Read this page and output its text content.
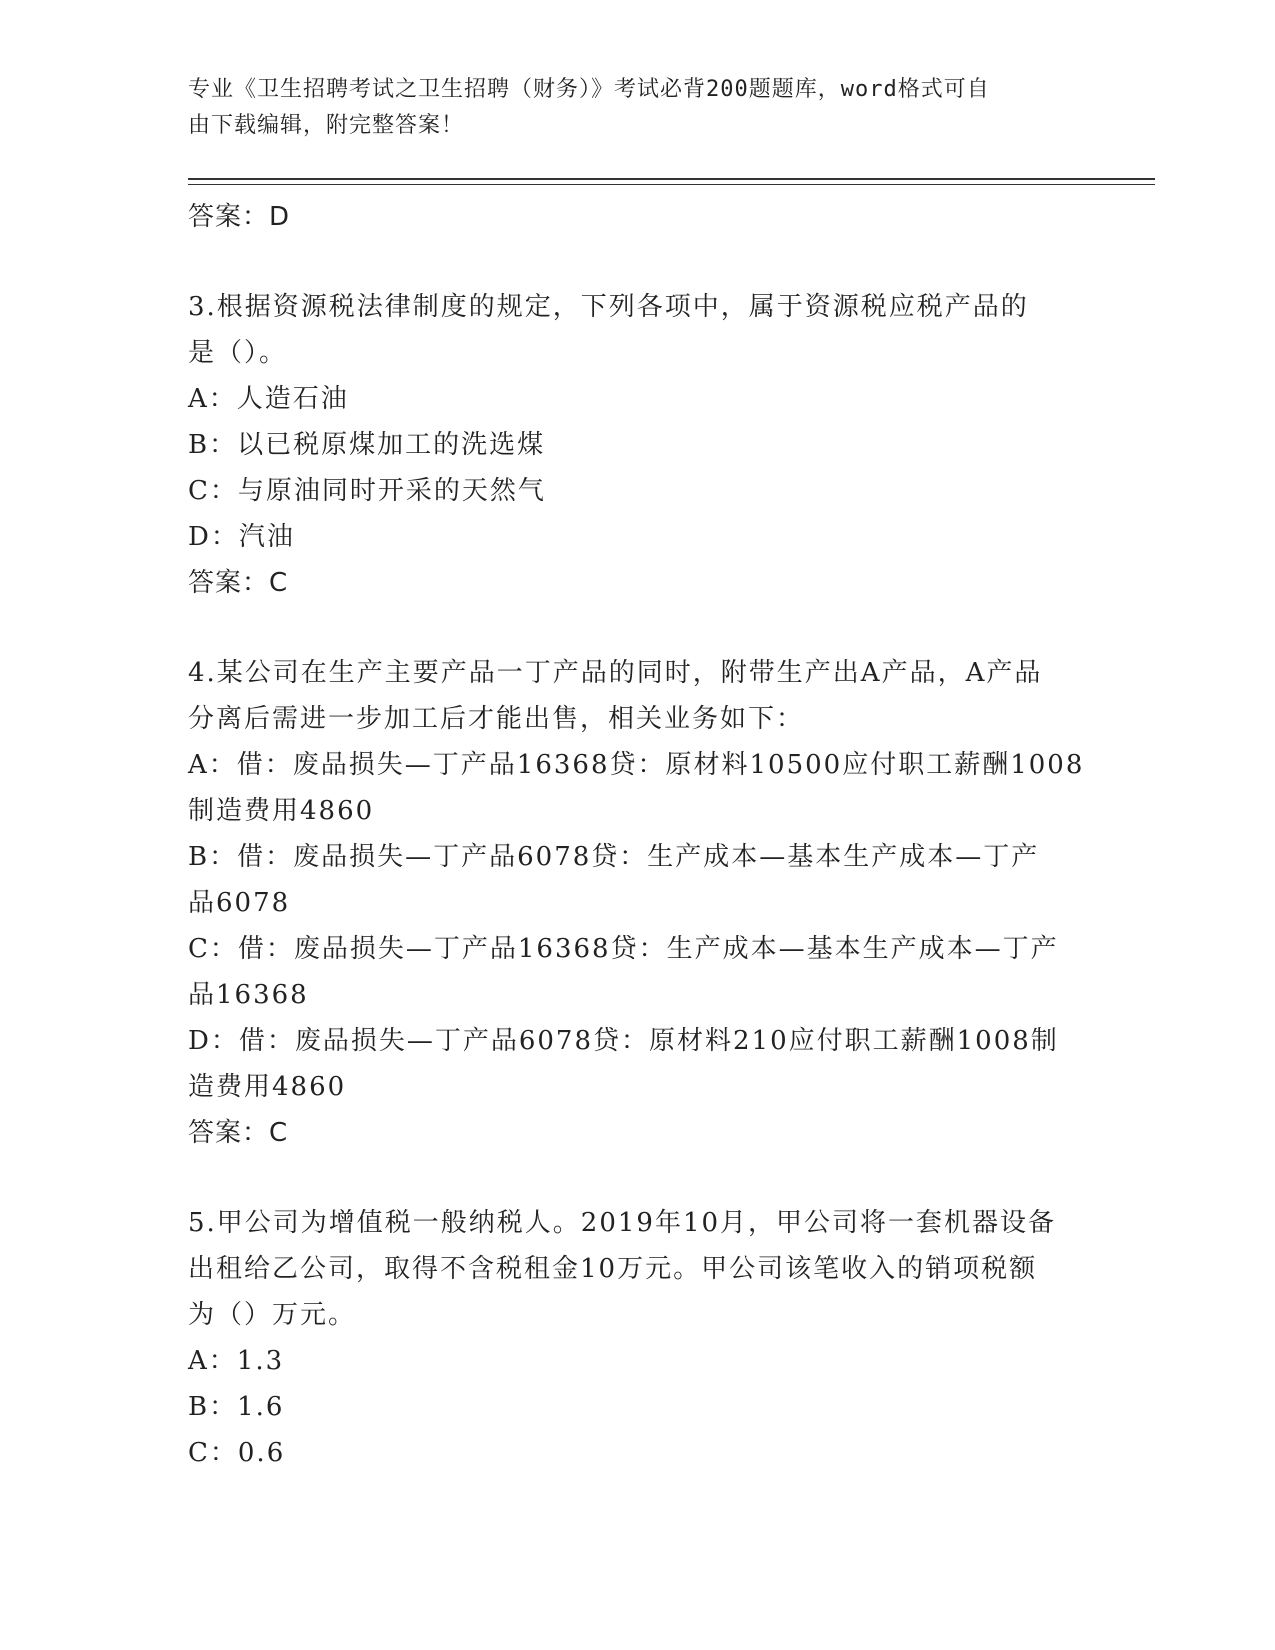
专业《卫生招聘考试之卫生招聘（财务）》考试必背200题题库，word格式可自
由下载编辑，附完整答案！
答案：D
3.根据资源税法律制度的规定，下列各项中，属于资源税应税产品的
是（）。
A：人造石油
B：以已税原煤加工的洗选煤
C：与原油同时开采的天然气
D：汽油
答案：C
4.某公司在生产主要产品一丁产品的同时，附带生产出A产品，A产品
分离后需进一步加工后才能出售，相关业务如下：
A：借：废品损失—丁产品16368贷：原材料10500应付职工薪酬1008
制造费用4860
B：借：废品损失—丁产品6078贷：生产成本—基本生产成本—丁产
品6078
C：借：废品损失—丁产品16368贷：生产成本—基本生产成本—丁产
品16368
D：借：废品损失—丁产品6078贷：原材料210应付职工薪酬1008制
造费用4860
答案：C
5.甲公司为增值税一般纳税人。2019年10月，甲公司将一套机器设备
出租给乙公司，取得不含税租金10万元。甲公司该笔收入的销项税额
为（）万元。
A：1.3
B：1.6
C：0.6
